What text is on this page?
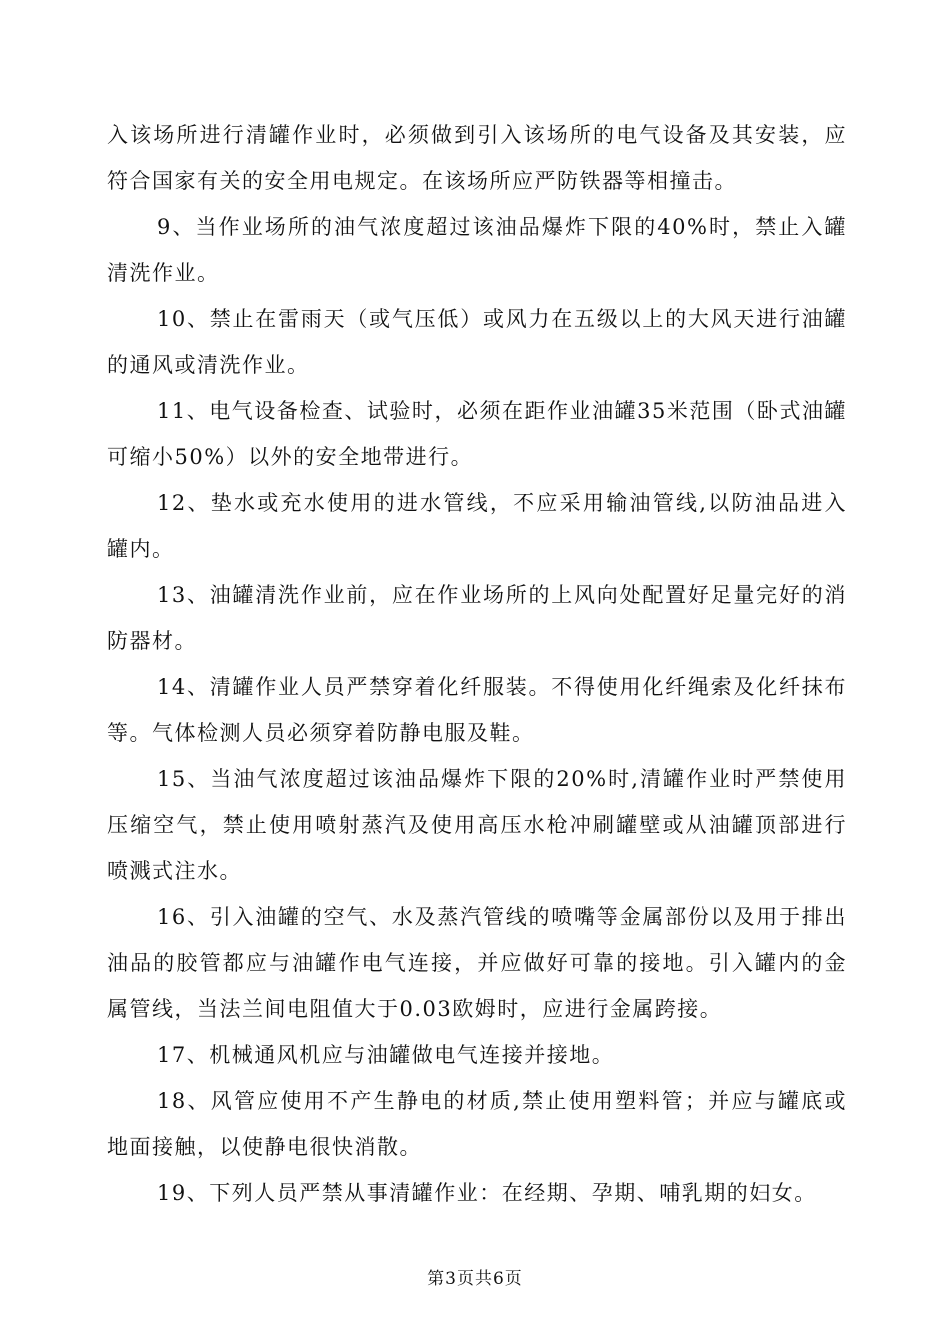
入该场所进行清罐作业时，必须做到引入该场所的电气设备及其安装，应符合国家有关的安全用电规定。在该场所应严防铁器等相撞击。

9、当作业场所的油气浓度超过该油品爆炸下限的40%时，禁止入罐清洗作业。

10、禁止在雷雨天（或气压低）或风力在五级以上的大风天进行油罐的通风或清洗作业。

11、电气设备检查、试验时，必须在距作业油罐35米范围（卧式油罐可缩小50%）以外的安全地带进行。

12、垫水或充水使用的进水管线，不应采用输油管线,以防油品进入罐内。

13、油罐清洗作业前，应在作业场所的上风向处配置好足量完好的消防器材。

14、清罐作业人员严禁穿着化纤服装。不得使用化纤绳索及化纤抹布等。气体检测人员必须穿着防静电服及鞋。

15、当油气浓度超过该油品爆炸下限的20%时,清罐作业时严禁使用压缩空气，禁止使用喷射蒸汽及使用高压水枪冲刷罐壁或从油罐顶部进行喷溅式注水。

16、引入油罐的空气、水及蒸汽管线的喷嘴等金属部份以及用于排出油品的胶管都应与油罐作电气连接，并应做好可靠的接地。引入罐内的金属管线，当法兰间电阻值大于0.03欧姆时，应进行金属跨接。

17、机械通风机应与油罐做电气连接并接地。

18、风管应使用不产生静电的材质,禁止使用塑料管；并应与罐底或地面接触，以使静电很快消散。

19、下列人员严禁从事清罐作业：在经期、孕期、哺乳期的妇女。

第3页共6页
